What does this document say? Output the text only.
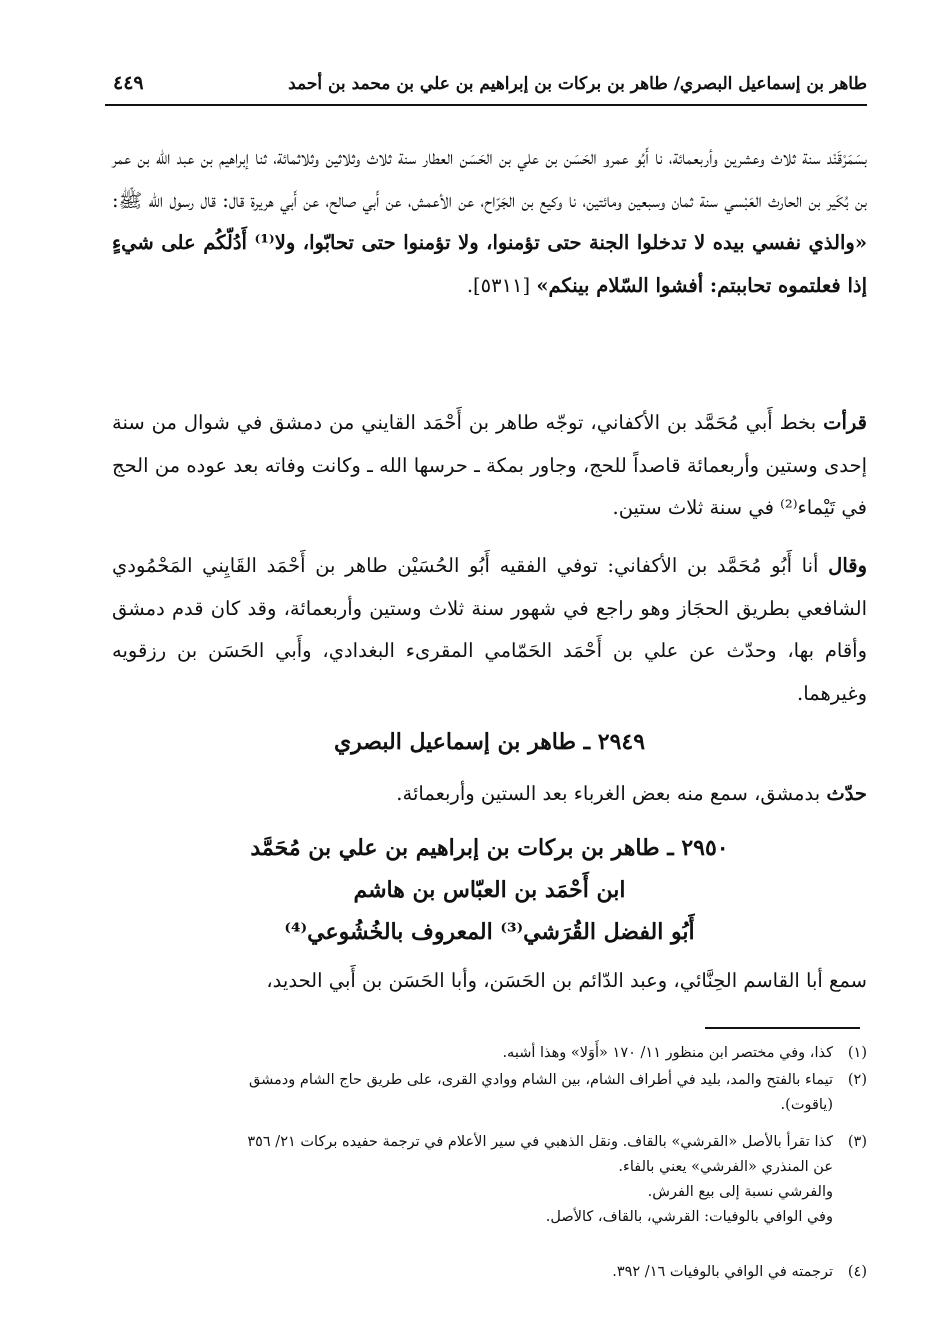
طاهر بن إسماعيل البصري/ طاهر بن بركات بن إبراهيم بن علي بن محمد بن أحمد
٤٤٩

بسَمَرْقَنْد سنة ثلاث وعشرين وأربعمائة، نا أَبُو عمرو الحَسَن بن علي بن الحَسَن العطار سنة ثلاث وثلاثين وثلاثمائة، ثنا إبراهيم بن عبد الله بن عمر بن بُكَير بن الحارث العَبْسي سنة ثمان وسبعين ومائتين، نا وكيع بن الجَرّاح، عن الأعمش، عن أَبي صالح، عن أَبي هريرة قال: قال رسول الله ﷺ: «والذي نفسي بيده لا تدخلوا الجنة حتى تؤمنوا، ولا تؤمنوا حتى تحابّوا، ولا⁽¹⁾ أَدُلّكُم على شيءٍ إذا فعلتموه تحاببتم: أفشوا السّلام بينكم» [٥٣١١].

قرأت بخط أَبي مُحَمَّد بن الأكفاني، توجّه طاهر بن أَحْمَد القايني من دمشق في شوال من سنة إحدى وستين وأربعمائة قاصداً للحج، وجاور بمكة ـ حرسها الله ـ وكانت وفاته بعد عوده من الحج في تَيْماء⁽²⁾ في سنة ثلاث ستين.

وقال أنا أَبُو مُحَمَّد بن الأكفاني: توفي الفقيه أَبُو الحُسَيْن طاهر بن أَحْمَد القَايِني المَحْمُودي الشافعي بطريق الحجَاز وهو راجع في شهور سنة ثلاث وستين وأربعمائة، وقد كان قدم دمشق وأقام بها، وحدّث عن علي بن أَحْمَد الحَمّامي المقرىء البغدادي، وأَبي الحَسَن بن رزقويه وغيرهما.

٢٩٤٩ ـ طاهر بن إسماعيل البصري

حدّث بدمشق، سمع منه بعض الغرباء بعد الستين وأربعمائة.

٢٩٥٠ ـ طاهر بن بركات بن إبراهيم بن علي بن مُحَمَّد
ابن أَحْمَد بن العبّاس بن هاشم
أَبُو الفضل القُرَشي⁽³⁾ المعروف بالخُشُوعي⁽⁴⁾

سمع أبا القاسم الحِنَّائي، وعبد الدّائم بن الحَسَن، وأبا الحَسَن بن أَبي الحديد،

(١)كذا، وفي مختصر ابن منظور ١١/ ١٧٠ «أَوَلا» وهذا أشبه.
(٢)تيماء بالفتح والمد، بليد في أطراف الشام، بين الشام ووادي القرى، على طريق حاج الشام ودمشق
(ياقوت).
(٣)كذا تقرأ بالأصل «القرشي» بالقاف. ونقل الذهبي في سير الأعلام في ترجمة حفيده بركات ٢١/ ٣٥٦
عن المنذري «الفرشي» يعني بالفاء.
والفرشي نسبة إلى بيع الفرش.
وفي الوافي بالوفيات: القرشي، بالقاف، كالأصل.
(٤)ترجمته في الوافي بالوفيات ١٦/ ٣٩٢.
